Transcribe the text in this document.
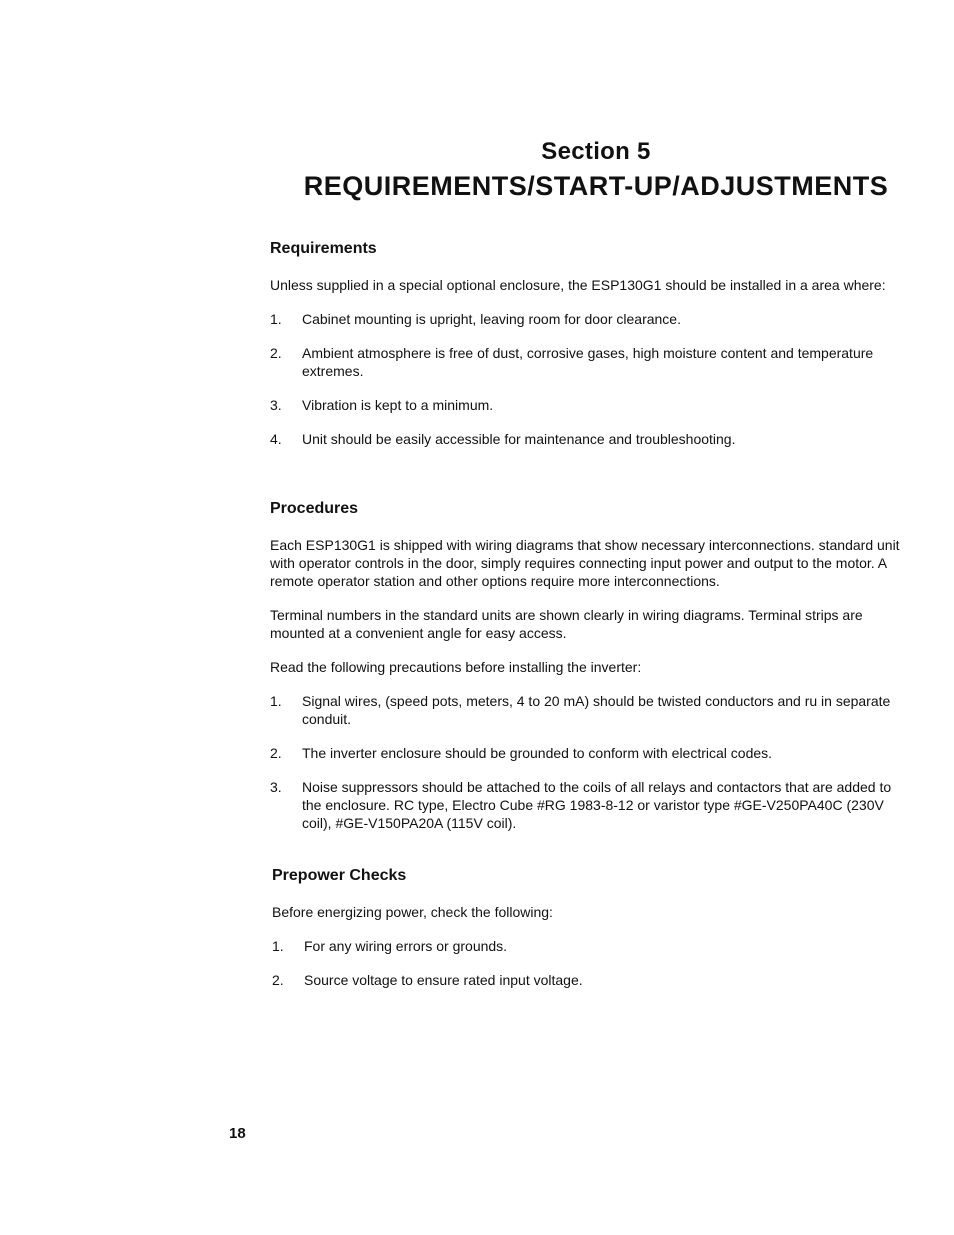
Section 5
REQUIREMENTS/START-UP/ADJUSTMENTS
Requirements
Unless supplied in a special optional enclosure, the ESP130G1 should be installed in a area where:
1.	Cabinet mounting is upright, leaving room for door clearance.
2.	Ambient atmosphere is free of dust, corrosive gases, high moisture content and temperature extremes.
3.	Vibration is kept to a minimum.
4.	Unit should be easily accessible for maintenance and troubleshooting.
Procedures
Each ESP130G1 is shipped with wiring diagrams that show necessary interconnections. standard unit with operator controls in the door, simply requires connecting input power and output to the motor. A remote operator station and other options require more interconnections.
Terminal numbers in the standard units are shown clearly in wiring diagrams. Terminal strips are mounted at a convenient angle for easy access.
Read the following precautions before installing the inverter:
1.	Signal wires, (speed pots, meters, 4 to 20 mA) should be twisted conductors and ru in separate conduit.
2.	The inverter enclosure should be grounded to conform with electrical codes.
3.	Noise suppressors should be attached to the coils of all relays and contactors that are added to the enclosure. RC type, Electro Cube #RG 1983-8-12 or varistor type #GE-V250PA40C (230V coil), #GE-V150PA20A (115V coil).
Prepower Checks
Before energizing power, check the following:
1.	For any wiring errors or grounds.
2.	Source voltage to ensure rated input voltage.
18
